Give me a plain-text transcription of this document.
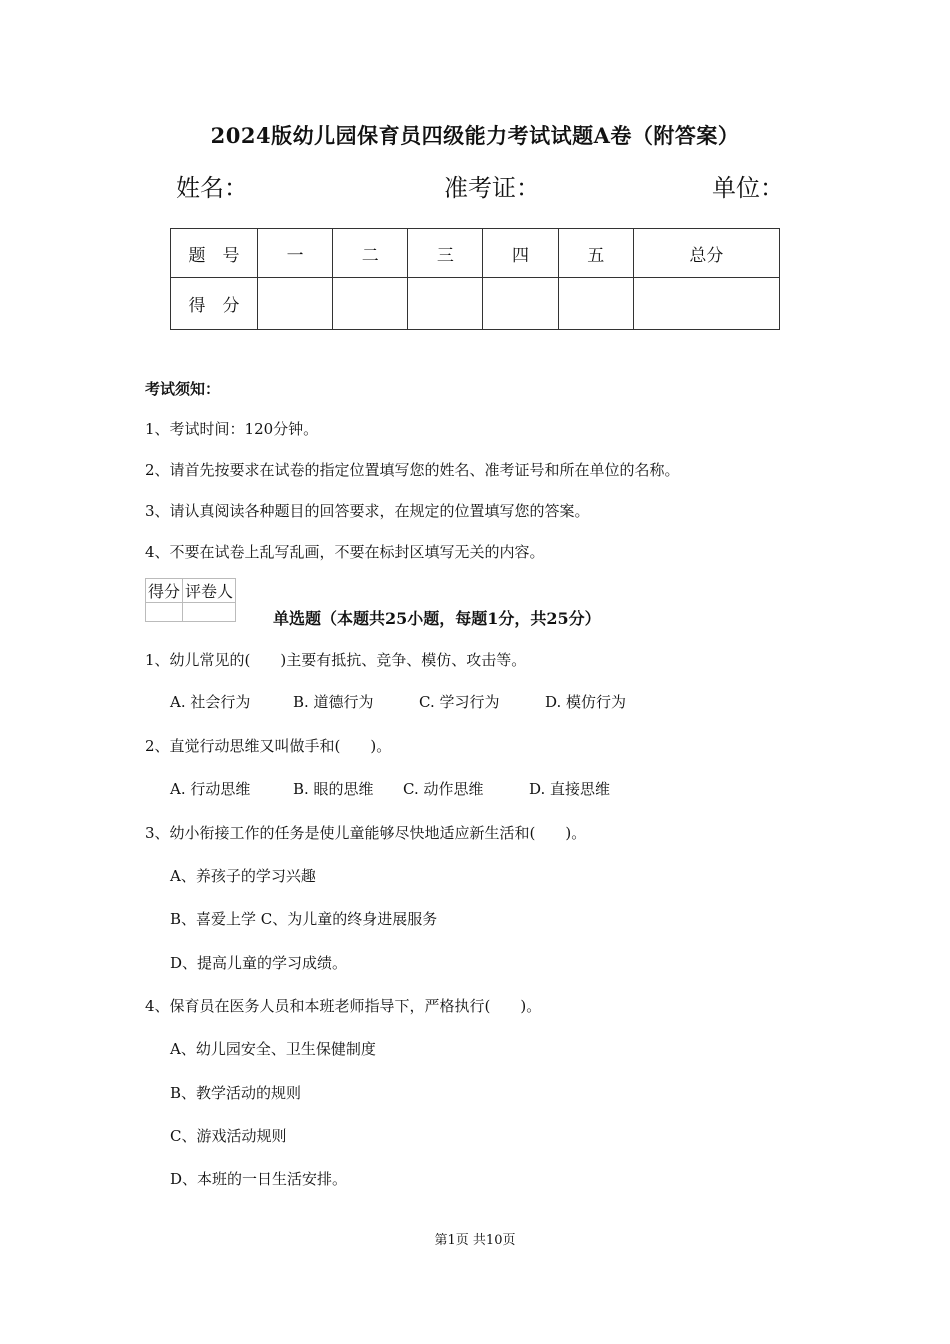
2024版幼儿园保育员四级能力考试试题A卷（附答案）
姓名：	准考证：	单位：
题　号	一	二	三	四	五	总分
得　分						
考试须知：
1、考试时间：120分钟。
2、请首先按要求在试卷的指定位置填写您的姓名、准考证号和所在单位的名称。
3、请认真阅读各种题目的回答要求，在规定的位置填写您的答案。
4、不要在试卷上乱写乱画，不要在标封区填写无关的内容。
得分	评卷人

单选题（本题共25小题，每题1分，共25分）
1、幼儿常见的(　　)主要有抵抗、竞争、模仿、攻击等。
A. 社会行为	B. 道德行为	C. 学习行为	D. 模仿行为
2、直觉行动思维又叫做手和(　　)。
A. 行动思维	B. 眼的思维 C. 动作思维	D. 直接思维
3、幼小衔接工作的任务是使儿童能够尽快地适应新生活和(　　)。
A、养孩子的学习兴趣
B、喜爱上学 C、为儿童的终身进展服务
D、提高儿童的学习成绩。
4、保育员在医务人员和本班老师指导下，严格执行(　　)。
A、幼儿园安全、卫生保健制度
B、教学活动的规则
C、游戏活动规则
D、本班的一日生活安排。
第1页 共10页
